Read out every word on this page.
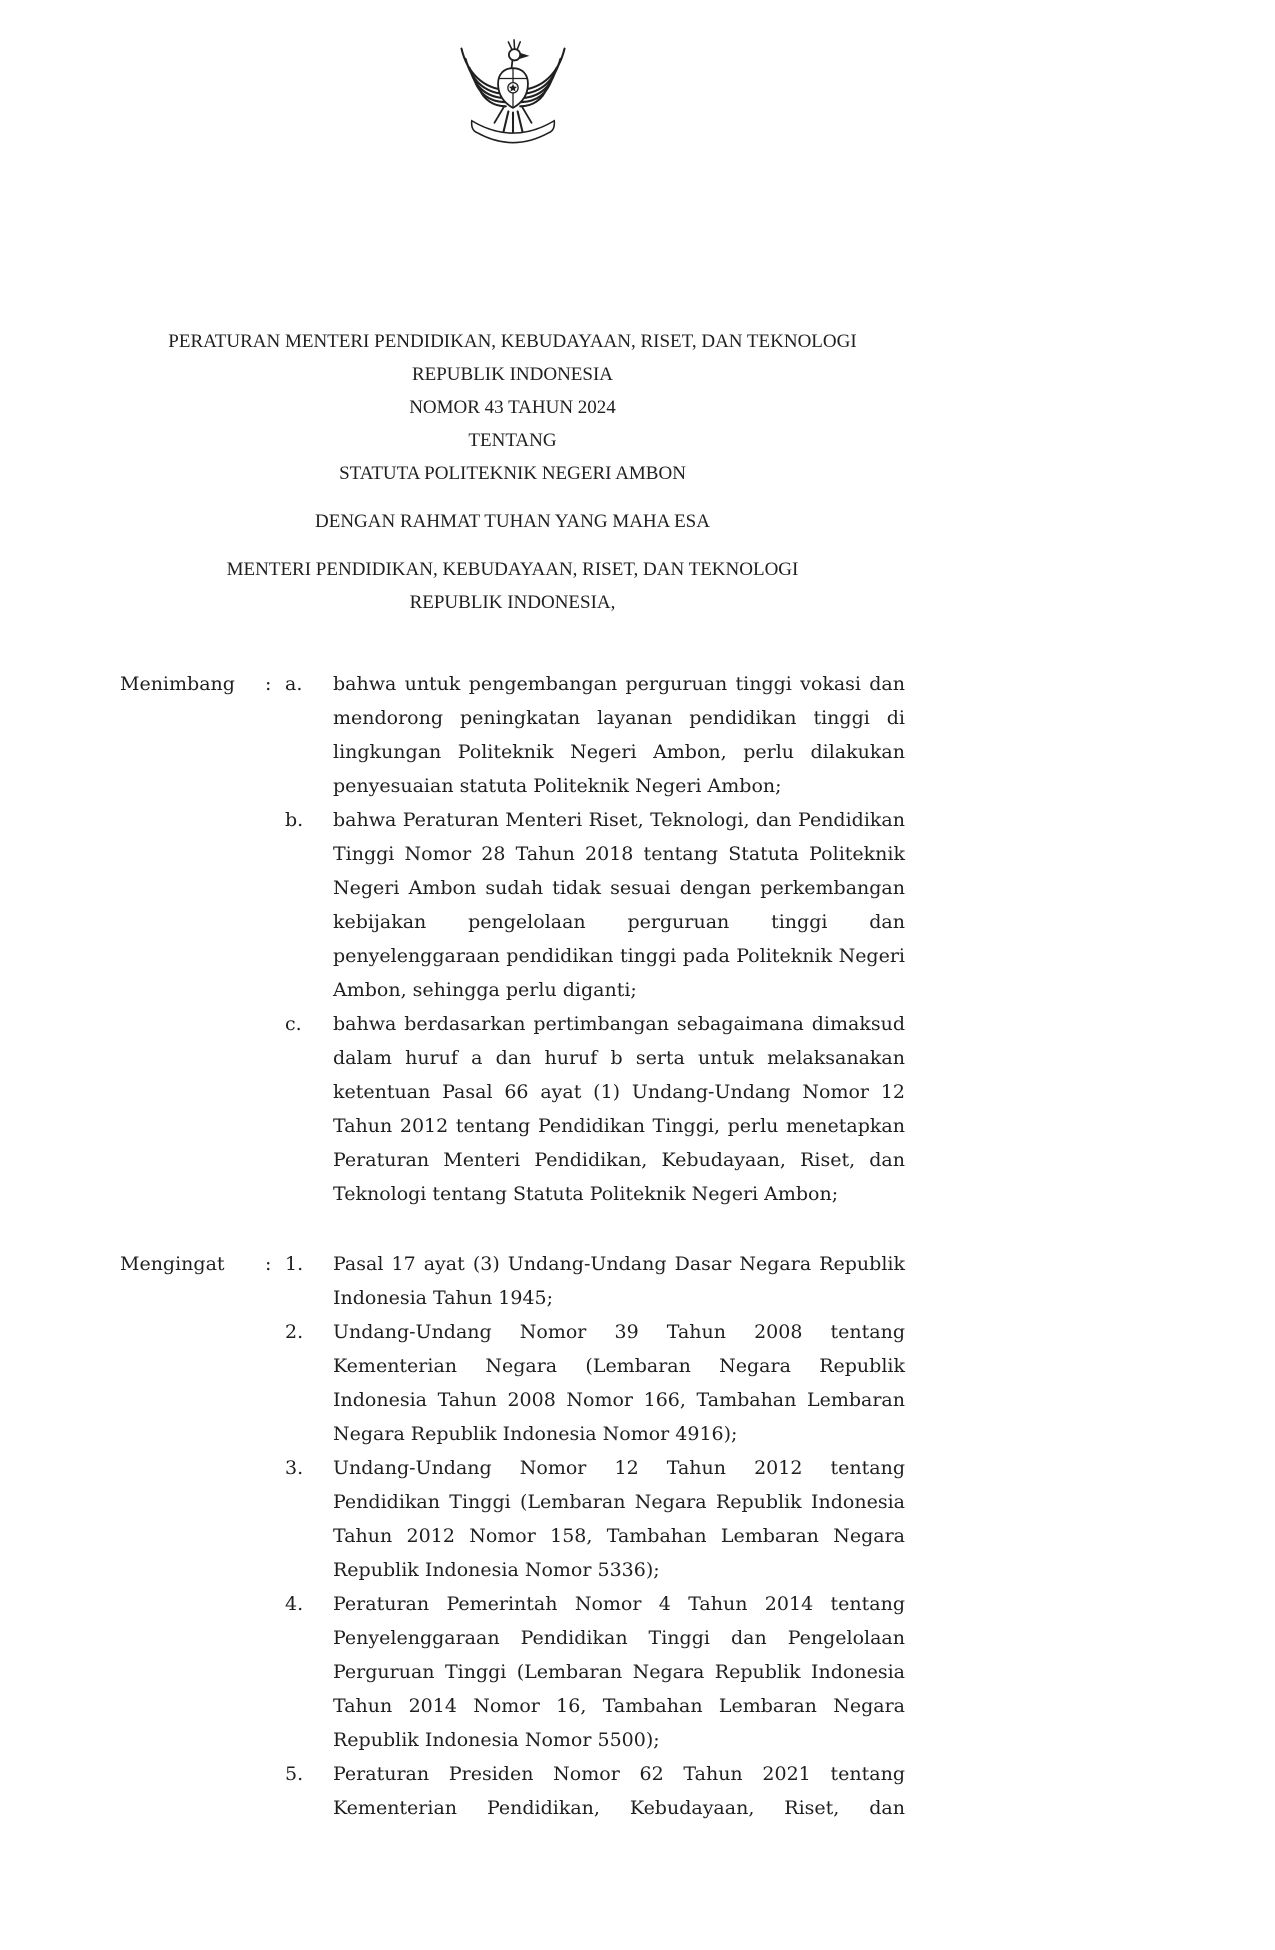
PERATURAN MENTERI PENDIDIKAN, KEBUDAYAAN, RISET, DAN TEKNOLOGI

REPUBLIK INDONESIA

NOMOR 43 TAHUN 2024

TENTANG

STATUTA POLITEKNIK NEGERI AMBON

DENGAN RAHMAT TUHAN YANG MAHA ESA

MENTERI PENDIDIKAN, KEBUDAYAAN, RISET, DAN TEKNOLOGI

REPUBLIK INDONESIA,

Menimbang	: a.	bahwa untuk pengembangan perguruan tinggi vokasi dan mendorong peningkatan layanan pendidikan tinggi di lingkungan Politeknik Negeri Ambon, perlu dilakukan penyesuaian statuta Politeknik Negeri Ambon;

b.	bahwa Peraturan Menteri Riset, Teknologi, dan Pendidikan Tinggi Nomor 28 Tahun 2018 tentang Statuta Politeknik Negeri Ambon sudah tidak sesuai dengan perkembangan kebijakan pengelolaan perguruan tinggi dan penyelenggaraan pendidikan tinggi pada Politeknik Negeri Ambon, sehingga perlu diganti;

c.	bahwa berdasarkan pertimbangan sebagaimana dimaksud dalam huruf a dan huruf b serta untuk melaksanakan ketentuan Pasal 66 ayat (1) Undang-Undang Nomor 12 Tahun 2012 tentang Pendidikan Tinggi, perlu menetapkan Peraturan Menteri Pendidikan, Kebudayaan, Riset, dan Teknologi tentang Statuta Politeknik Negeri Ambon;

Mengingat	: 1.	Pasal 17 ayat (3) Undang-Undang Dasar Negara Republik Indonesia Tahun 1945;

2.	Undang-Undang Nomor 39 Tahun 2008 tentang Kementerian Negara (Lembaran Negara Republik Indonesia Tahun 2008 Nomor 166, Tambahan Lembaran Negara Republik Indonesia Nomor 4916);

3.	Undang-Undang Nomor 12 Tahun 2012 tentang Pendidikan Tinggi (Lembaran Negara Republik Indonesia Tahun 2012 Nomor 158, Tambahan Lembaran Negara Republik Indonesia Nomor 5336);

4.	Peraturan Pemerintah Nomor 4 Tahun 2014 tentang Penyelenggaraan Pendidikan Tinggi dan Pengelolaan Perguruan Tinggi (Lembaran Negara Republik Indonesia Tahun 2014 Nomor 16, Tambahan Lembaran Negara Republik Indonesia Nomor 5500);

5.	Peraturan Presiden Nomor 62 Tahun 2021 tentang Kementerian Pendidikan, Kebudayaan, Riset, dan
